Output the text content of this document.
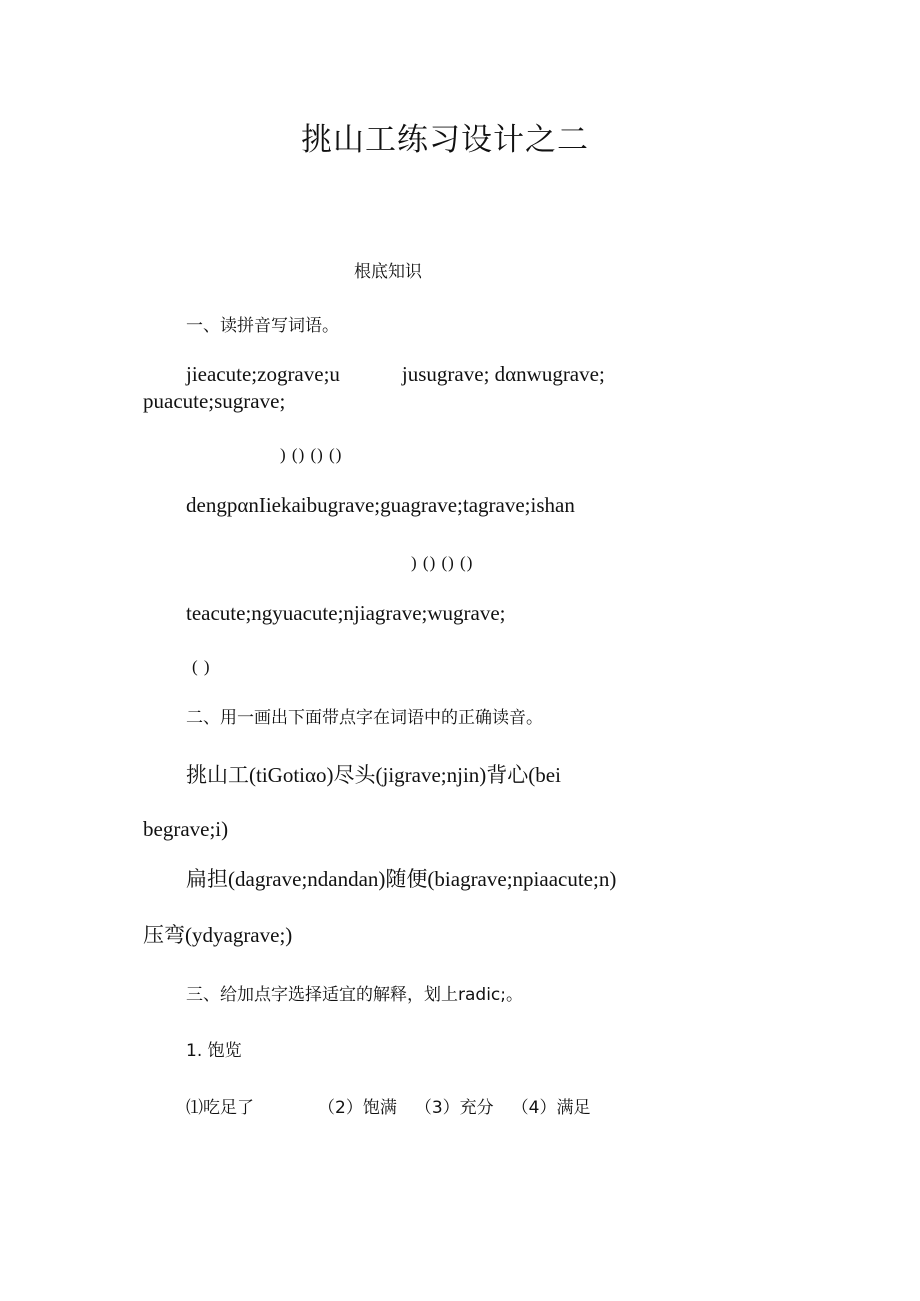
挑山工练习设计之二
根底知识
一、读拼音写词语。
jieacute;zograve;u	jusugrave; dαnwugrave;
puacute;sugrave;
) () () ()
dengpαnIiekaibugrave;guagrave;tagrave;ishan
) () () ()
teacute;ngyuacute;njiagrave;wugrave;
( )
二、用一画出下面带点字在词语中的正确读音。
挑山工(tiGotiαo)尽头(jigrave;njin)背心(bei
begrave;i)
扁担(dagrave;ndandan)随便(biagrave;npiaacute;n)
压弯(ydyagrave;)
三、给加点字选择适宜的解释，划上radic;。
1. 饱览
⑴吃足了	（2）饱满 （3）充分 （4）满足
